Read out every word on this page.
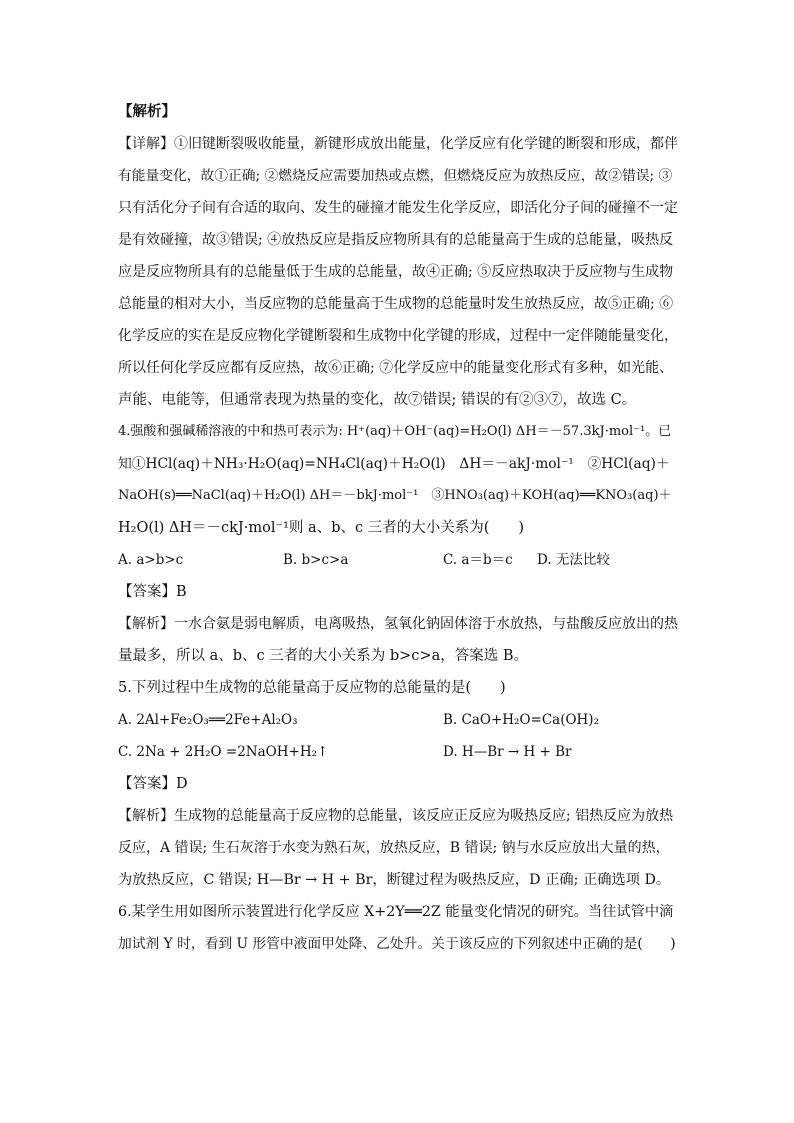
【解析】
【详解】①旧键断裂吸收能量，新键形成放出能量，化学反应有化学键的断裂和形成，都伴
有能量变化，故①正确; ②燃烧反应需要加热或点燃，但燃烧反应为放热反应，故②错误; ③
只有活化分子间有合适的取向、发生的碰撞才能发生化学反应，即活化分子间的碰撞不一定
是有效碰撞，故③错误; ④放热反应是指反应物所具有的总能量高于生成的总能量，吸热反
应是反应物所具有的总能量低于生成的总能量，故④正确; ⑤反应热取决于反应物与生成物
总能量的相对大小，当反应物的总能量高于生成物的总能量时发生放热反应，故⑤正确; ⑥
化学反应的实在是反应物化学键断裂和生成物中化学键的形成，过程中一定伴随能量变化，
所以任何化学反应都有反应热，故⑥正确; ⑦化学反应中的能量变化形式有多种，如光能、
声能、电能等，但通常表现为热量的变化，故⑦错误; 错误的有②③⑦，故选 C。
4.强酸和强碱稀溶液的中和热可表示为: H⁺(aq)＋OH⁻(aq)=H₂O(l) ΔH＝－57.3kJ·mol⁻¹。已
知①HCl(aq)＋NH₃·H₂O(aq)=NH₄Cl(aq)＋H₂O(l)　ΔH＝－akJ·mol⁻¹　②HCl(aq)＋
NaOH(s)══NaCl(aq)＋H₂O(l) ΔH＝－bkJ·mol⁻¹　③HNO₃(aq)＋KOH(aq)══KNO₃(aq)＋
H₂O(l) ΔH＝－ckJ·mol⁻¹则 a、b、c 三者的大小关系为(　　)
A. a>b>c	B. b>c>a	C. a＝b＝c	D. 无法比较
【答案】B
【解析】一水合氨是弱电解质，电离吸热，氢氧化钠固体溶于水放热，与盐酸反应放出的热
量最多，所以 a、b、c 三者的大小关系为 b>c>a，答案选 B。
5.下列过程中生成物的总能量高于反应物的总能量的是(　　)
A. 2Al+Fe₂O₃══2Fe+Al₂O₃	B. CaO+H₂O=Ca(OH)₂
C. 2Na + 2H₂O =2NaOH+H₂↑	D. H—Br → H + Br
【答案】D
【解析】生成物的总能量高于反应物的总能量，该反应正反应为吸热反应; 铝热反应为放热
反应，A 错误; 生石灰溶于水变为熟石灰，放热反应，B 错误; 钠与水反应放出大量的热，
为放热反应，C 错误; H—Br → H + Br，断键过程为吸热反应，D 正确; 正确选项 D。
6.某学生用如图所示装置进行化学反应 X+2Y══2Z 能量变化情况的研究。当往试管中滴
加试剂 Y 时，看到 U 形管中液面甲处降、乙处升。关于该反应的下列叙述中正确的是(　　)
